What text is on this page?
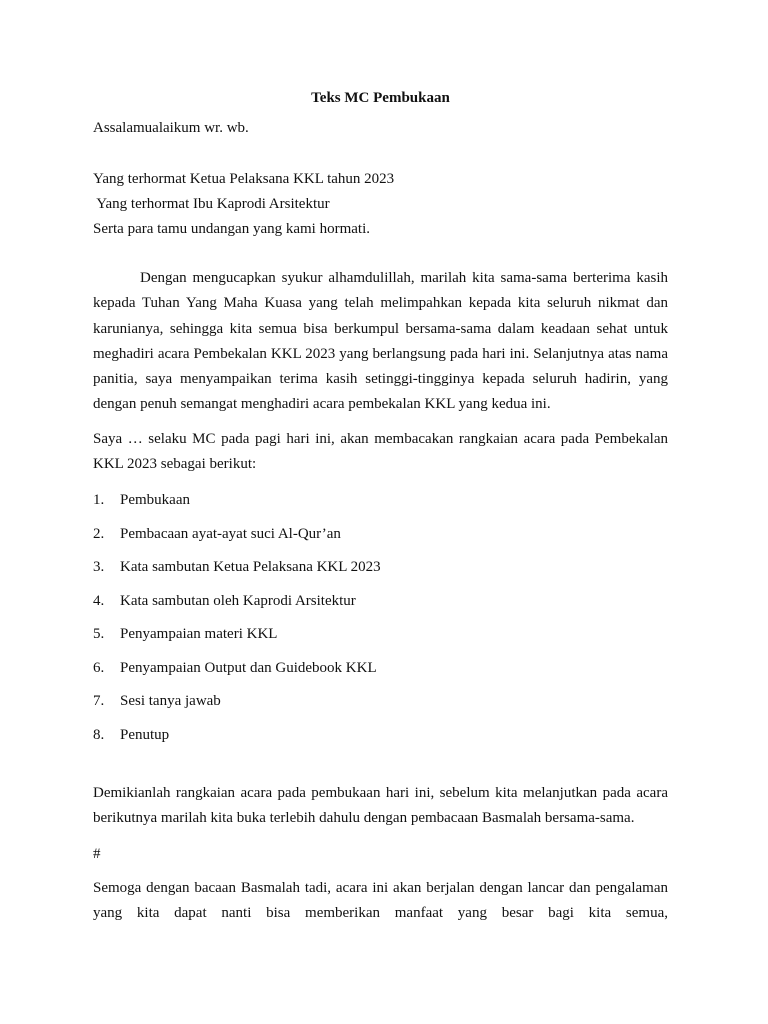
Teks MC Pembukaan
Assalamualaikum wr. wb.
Yang terhormat Ketua Pelaksana KKL tahun 2023
Yang terhormat Ibu Kaprodi Arsitektur
Serta para tamu undangan yang kami hormati.
Dengan mengucapkan syukur alhamdulillah, marilah kita sama-sama berterima kasih kepada Tuhan Yang Maha Kuasa yang telah melimpahkan kepada kita seluruh nikmat dan karunianya, sehingga kita semua bisa berkumpul bersama-sama dalam keadaan sehat untuk meghadiri acara Pembekalan KKL 2023 yang berlangsung pada hari ini. Selanjutnya atas nama panitia, saya menyampaikan terima kasih setinggi-tingginya kepada seluruh hadirin, yang dengan penuh semangat menghadiri acara pembekalan KKL yang kedua ini.
Saya … selaku MC pada pagi hari ini, akan membacakan rangkaian acara pada Pembekalan KKL 2023 sebagai berikut:
1. Pembukaan
2. Pembacaan ayat-ayat suci Al-Qur’an
3. Kata sambutan Ketua Pelaksana KKL 2023
4. Kata sambutan oleh Kaprodi Arsitektur
5. Penyampaian materi KKL
6. Penyampaian Output dan Guidebook KKL
7. Sesi tanya jawab
8. Penutup
Demikianlah rangkaian acara pada pembukaan hari ini, sebelum kita melanjutkan pada acara berikutnya marilah kita buka terlebih dahulu dengan pembacaan Basmalah bersama-sama.
#
Semoga dengan bacaan Basmalah tadi, acara ini akan berjalan dengan lancar dan pengalaman yang kita dapat nanti bisa memberikan manfaat yang besar bagi kita semua,
